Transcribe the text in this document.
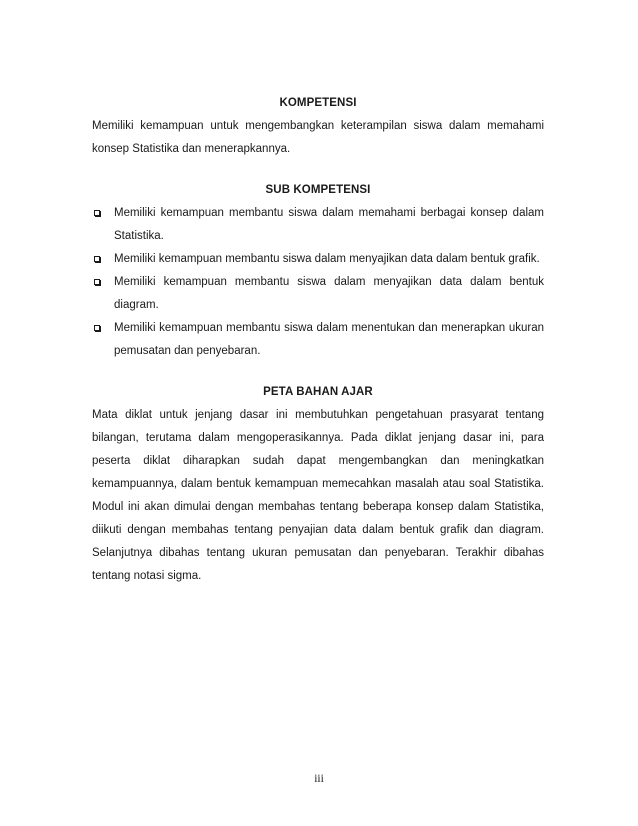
KOMPETENSI

Memiliki kemampuan untuk mengembangkan keterampilan siswa dalam memahami konsep Statistika dan menerapkannya.

SUB KOMPETENSI
Memiliki kemampuan membantu siswa dalam memahami berbagai konsep dalam Statistika.
Memiliki kemampuan membantu siswa dalam menyajikan data dalam bentuk grafik.
Memiliki kemampuan membantu siswa dalam menyajikan data dalam bentuk diagram.
Memiliki kemampuan membantu siswa dalam menentukan dan menerapkan ukuran pemusatan dan penyebaran.
PETA BAHAN AJAR

Mata diklat untuk jenjang dasar ini membutuhkan pengetahuan prasyarat tentang bilangan, terutama dalam mengoperasikannya. Pada diklat jenjang dasar ini, para peserta diklat diharapkan sudah dapat mengembangkan dan meningkatkan kemampuannya, dalam bentuk kemampuan memecahkan masalah atau soal Statistika. Modul ini akan dimulai dengan membahas tentang beberapa konsep dalam Statistika, diikuti dengan membahas tentang penyajian data dalam bentuk grafik dan diagram. Selanjutnya dibahas tentang ukuran pemusatan dan penyebaran. Terakhir dibahas tentang notasi sigma.

iii
